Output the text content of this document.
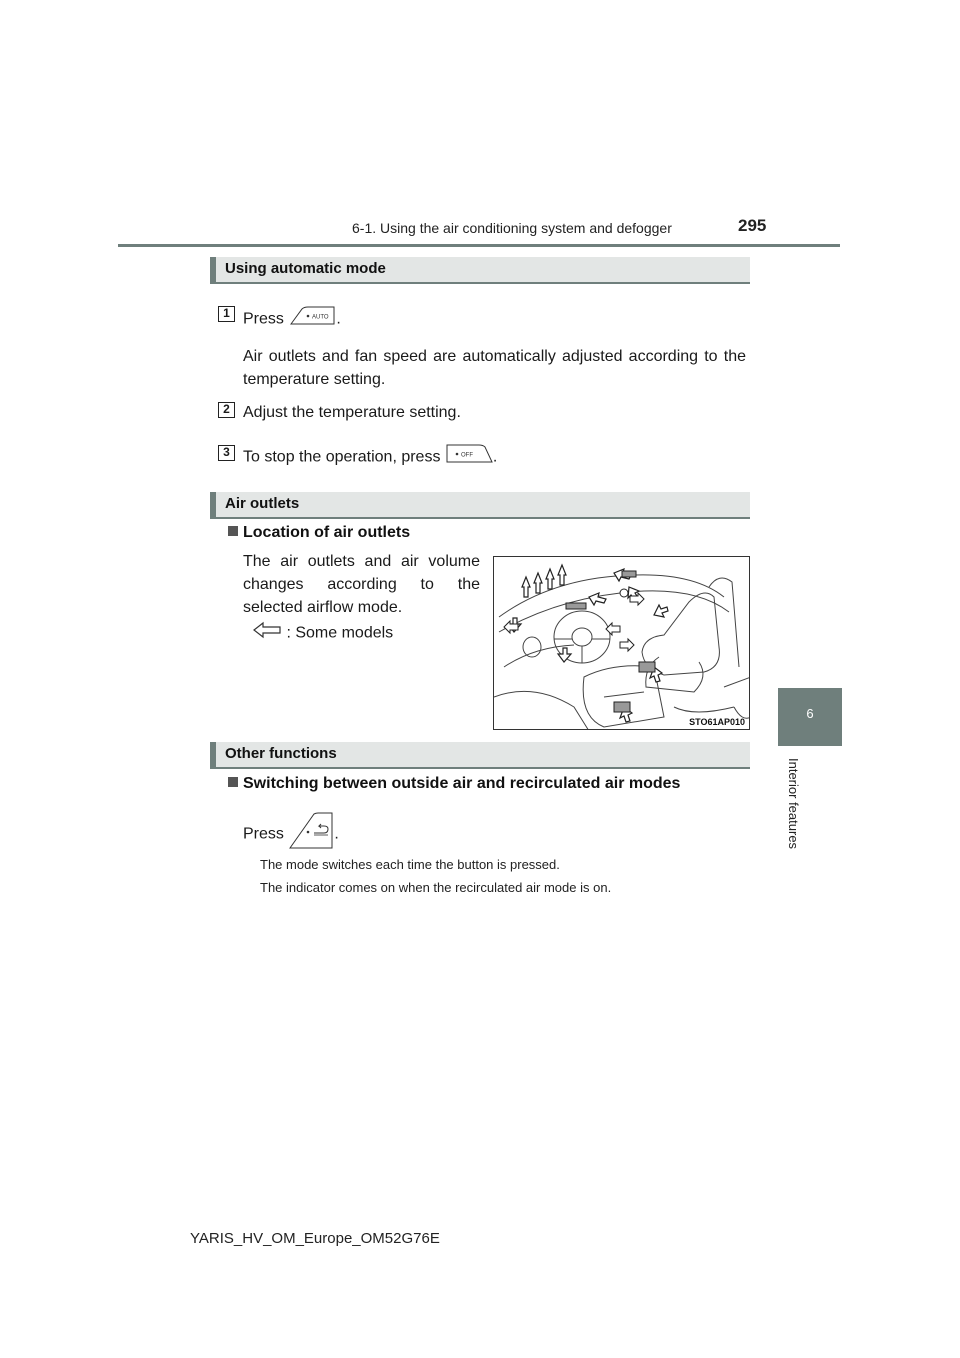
6-1. Using the air conditioning system and defogger	295
6
Interior features
Using automatic mode
1 Press	AUTO .
Air outlets and fan speed are automatically adjusted according to the temperature setting.
2 Adjust the temperature setting.
3 To stop the operation, press	OFF .
Air outlets
Location of air outlets
The air outlets and air volume changes according to the selected airflow mode.
: Some models
STO61AP010
Other functions
Switching between outside air and recirculated air modes
Press	.
The mode switches each time the button is pressed.
The indicator comes on when the recirculated air mode is on.
YARIS_HV_OM_Europe_OM52G76E
